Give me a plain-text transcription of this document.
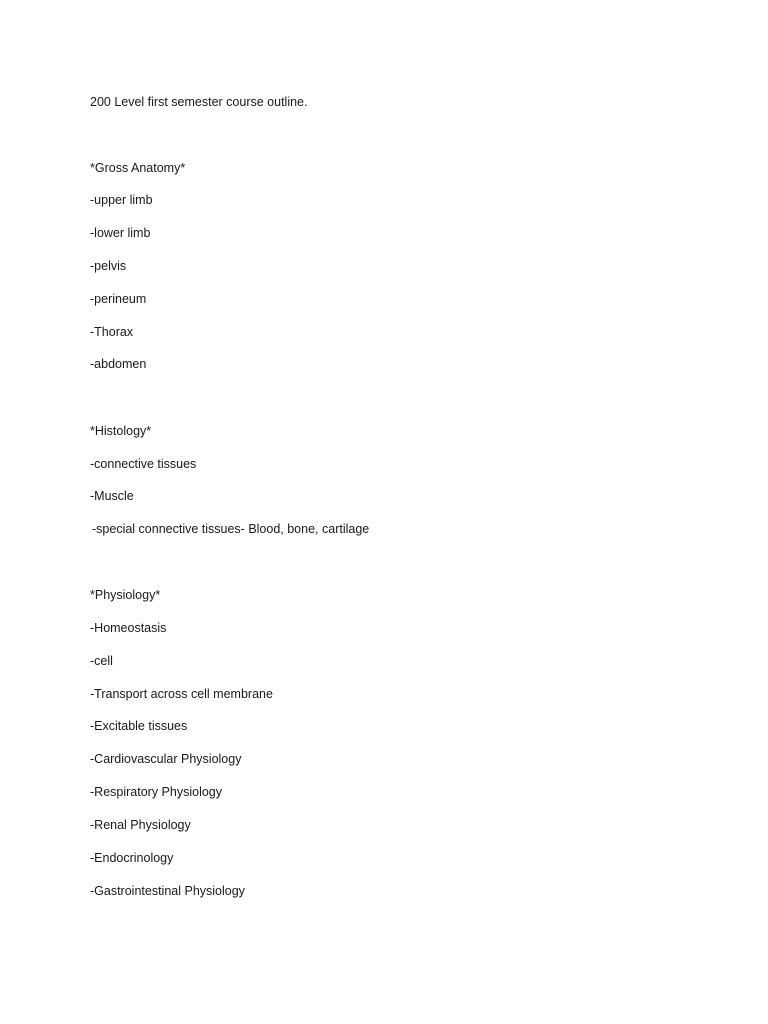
200 Level first semester course outline.
*Gross Anatomy*
-upper limb
-lower limb
-pelvis
-perineum
-Thorax
-abdomen
*Histology*
-connective tissues
-Muscle
-special connective tissues- Blood, bone, cartilage
*Physiology*
-Homeostasis
-cell
-Transport across cell membrane
-Excitable tissues
-Cardiovascular Physiology
-Respiratory Physiology
-Renal Physiology
-Endocrinology
-Gastrointestinal Physiology
